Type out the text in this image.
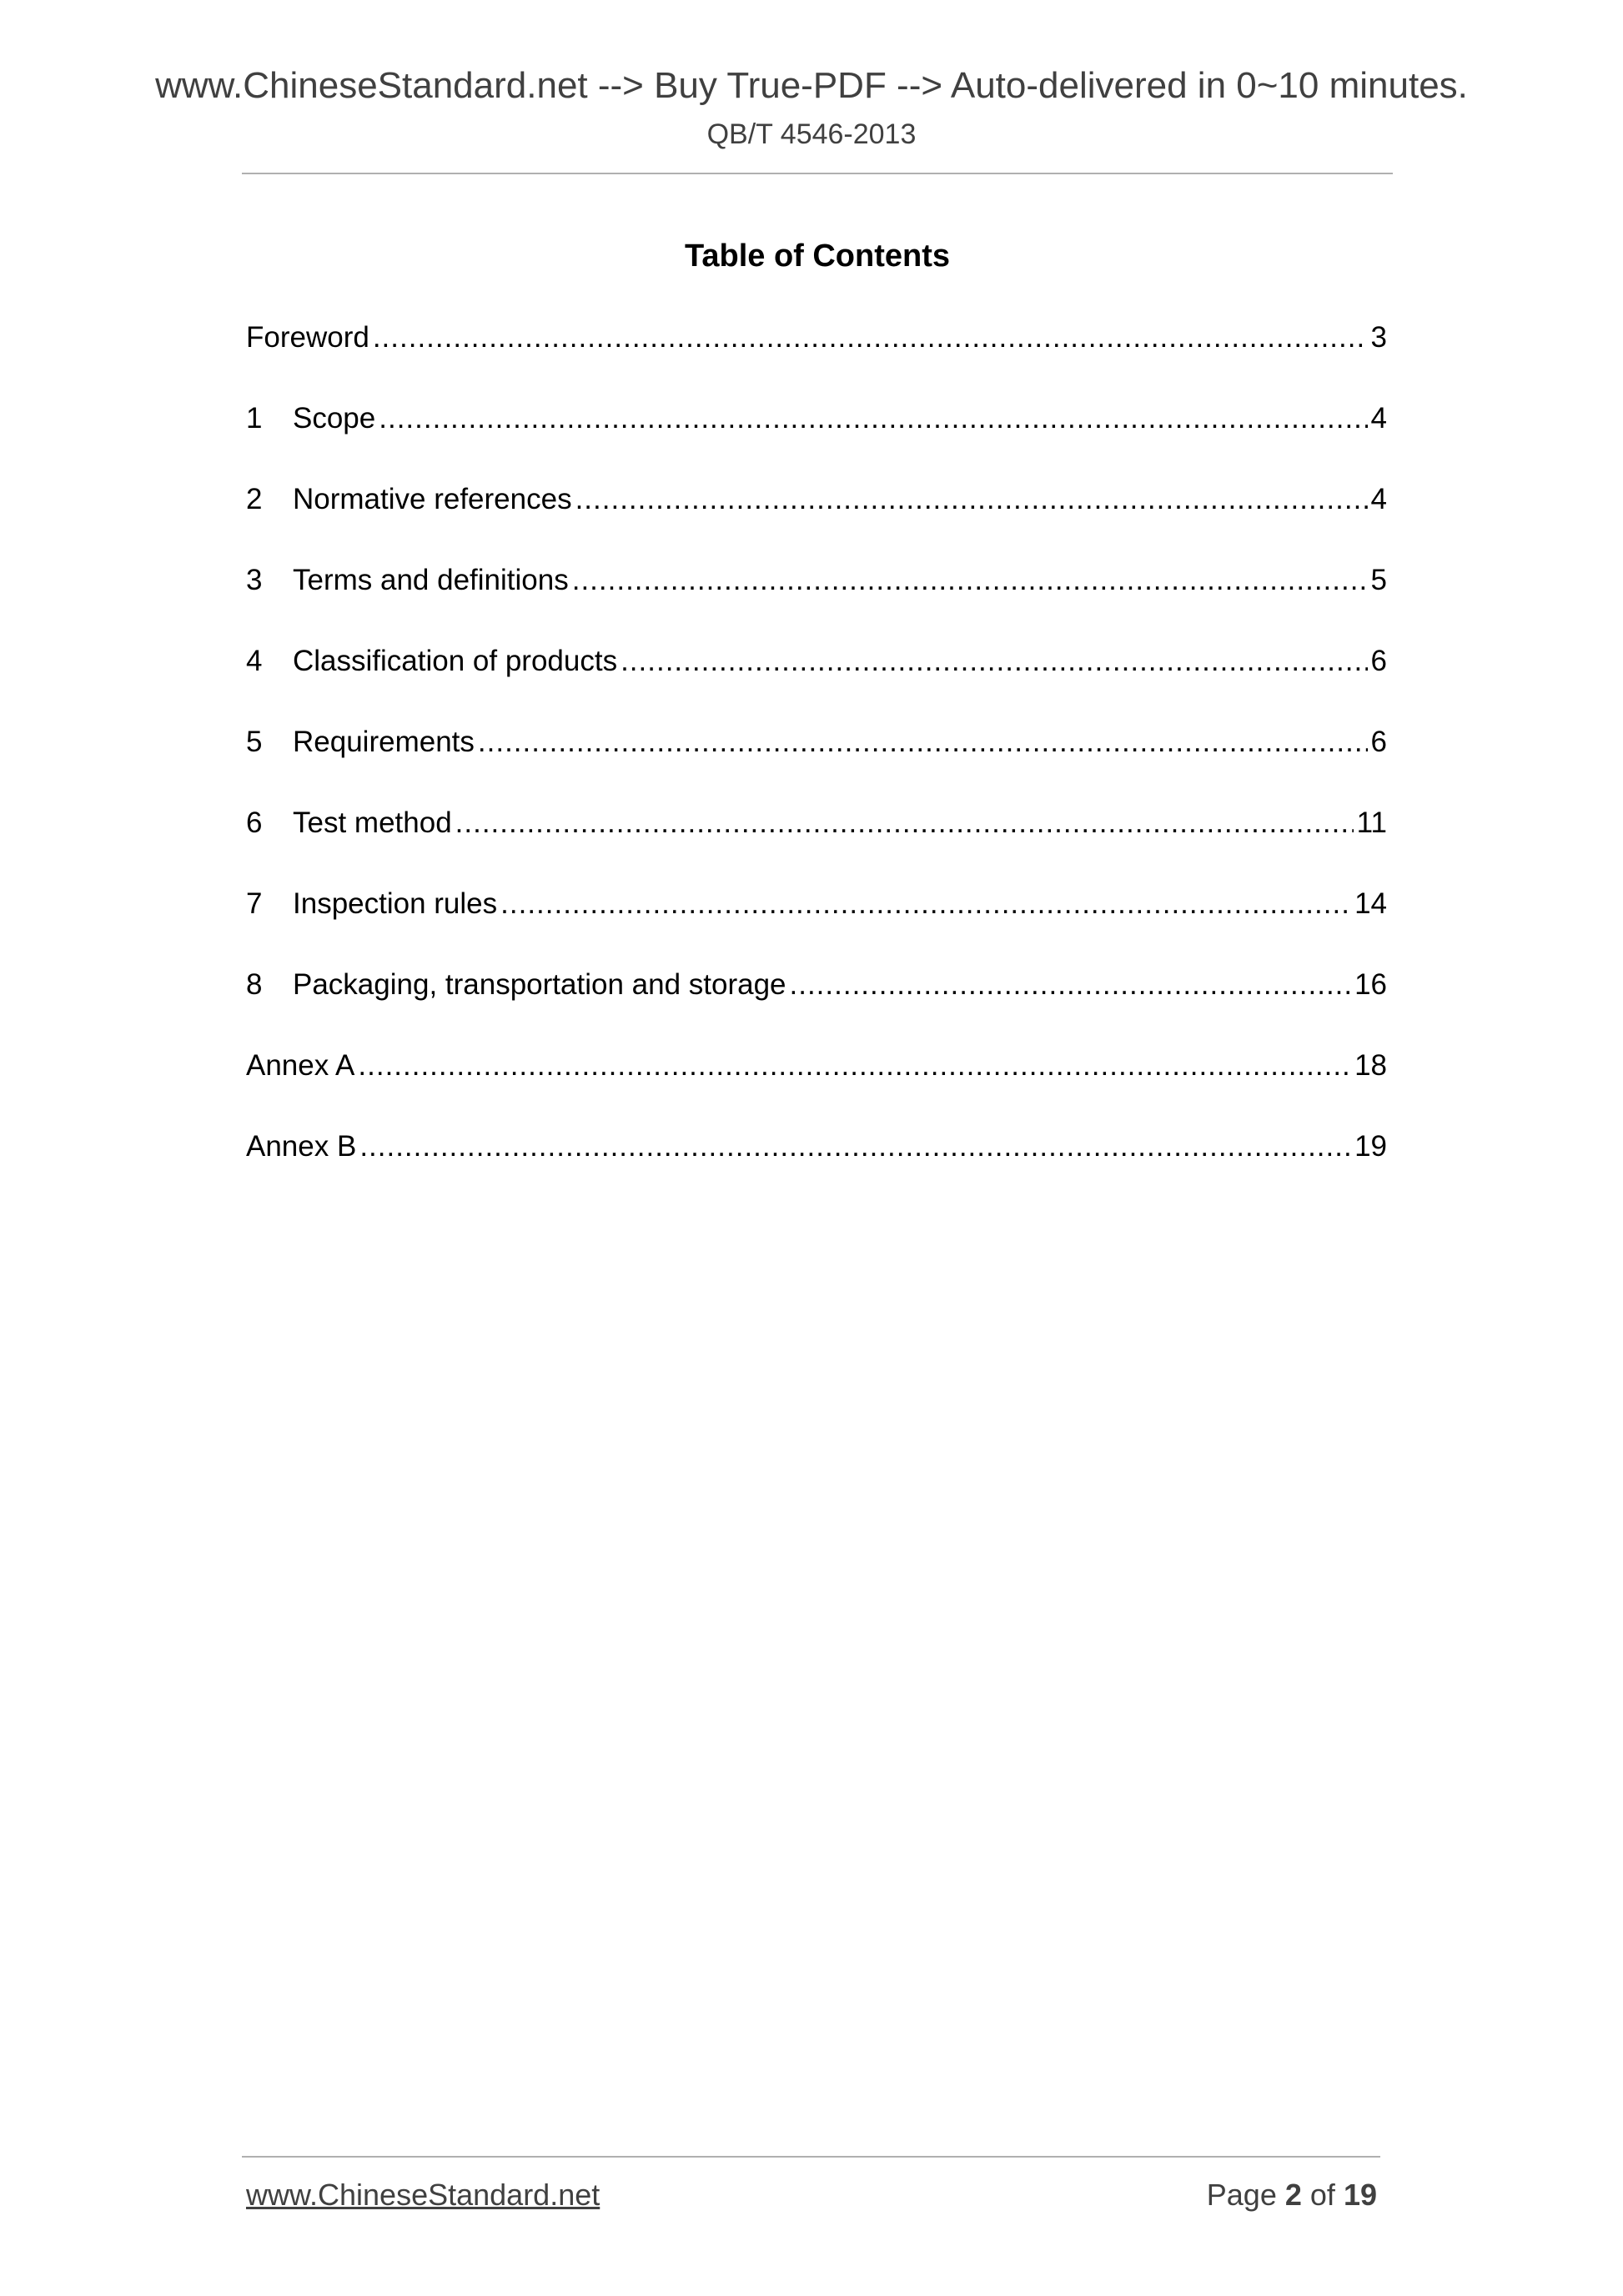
www.ChineseStandard.net --> Buy True-PDF --> Auto-delivered in 0~10 minutes.
QB/T 4546-2013
Table of Contents
Foreword .....	3
1	Scope .....	4
2	Normative references .....	4
3	Terms and definitions .....	5
4	Classification of products .....	6
5	Requirements .....	6
6	Test method .....	11
7	Inspection rules .....	14
8	Packaging, transportation and storage .....	16
Annex A .....	18
Annex B .....	19
www.ChineseStandard.net	Page 2 of 19
